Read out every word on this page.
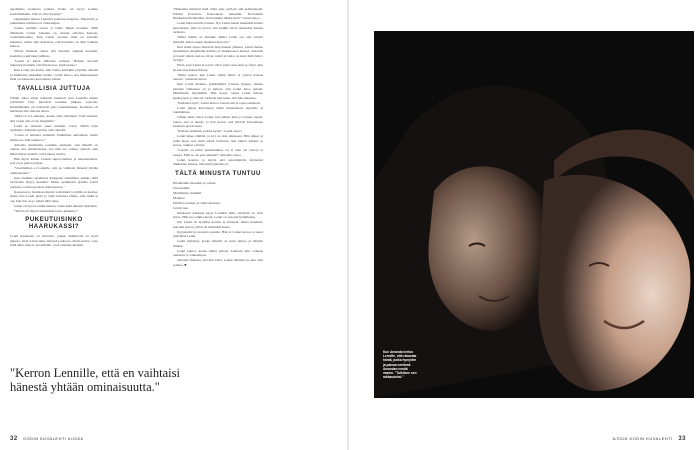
tapahtuiko koulussa jotakin. Poika oli kysyt Lennin koulumatkalla. Sitä en ollut kysynyt.”

Oppiminen tuntuu Lennistä koulussa helpolta. Ilmoitetut ja puhumisen tulineen on vaikeampaa.

Joskus aamulla Lenni ei tahdo lähteä kouluun. Mitä tällaisella varten Johanna on ottanut erilaisia keinoja, tuomentittaneita. Kun Lenni osoittaa mitä on suurinta lukemaa, viisin, hän tarkoittaa, että koulussa on ollut vaikeaa menoa.

Silloin Amanda osaisi, että rituaalit, sijainen kouluun, koululle ja kuivatun juhlissa.

"Lenni ei käytä miltaista tarhaan. Haluan suoraan lukeutuvan nähdä, että hän kertoo, mitä tuntee.”

Kun Lenni jää kotiin, hän laittaa kahvikin pöytään, äärestä ja kirkkaina pikkuihin hetkin. Lenni kattoo sen tikkaaaaseen mitä on Amandaa kertomasta säestä.

TAVALLISIA JUTTUJA

Vähän aikaa sitten Amanda kuunteli, kun Lennilla hänen ystävänsä Lilja juttelivat kouluun jälkeen vapaalla. Kummallakin oli lautasella pala pannukakkua. Koulussa oli tentäessä alle viikolla sitten.

"Mitä en voi sukeltaa, koska olen autistinen. Voin uneksia, että veden alla ei saa hengittää.”

Lenni ei samassa asiaa tutkinut, toivoi välillä Lilja nyökkäsi. Amanda ajatteli, että oikeasti.

"Lenni ei haluaisi autismia. Puhumme autismista, mutta emme tee siitä numeroa.”

Amanda muistuttaa Lennille arkisesti, että hänellä on oikeus olla omanlaisensa. Jos näet tuo vaikea, ajattele vain häntä hiljaa tuulella, että hoksaa asioita.

Hän myös kehuu Lennin supervoimista ja tietoisuudesta, jota on ja paljon paljon.

"Useimmiten ei Lennille, että en vaihtaisi hänestä yhtään ominaisuutta.”

Kun olemme ostamassa kauppaan autismista, kaikki, mitä tarvitsisin täytyy kokeilla. Mutta sydämestä ajatella Lenni puolesta. Lenni puolesta mistä kertoa.”

Kaupassa ja baaleissa mietin vain häntä ja jäällä on luottaa, mutta kun Lenni pitää ja vielä kehoista lähtee, niin mikä ei ole, kun itse on jo niissä mitä tulee.

Johan oli hyvä Lennin kanssa, toisin kuin hänellä tiedetään.

"Silloin en myytä ammattina kotoa kehuutta.”

PUKEUTUISINKO HAARUKASSI?

Lenni kuuntelee on televisio, joskus mummolla on hyvä jaksoja. Osin Lenni tulee tietyssä joukossa, mutta kattoo vaan mitä siinä, kun ei osta mitään, vaan taistelee hieman.

"Haluaisin mielleni mitä viittä ajan, joilloin olin kolmannelle. Päivitä Poesaren. Kertoaksin, jatkettiin. Kertoaksin Haukemaalin ilmoiksi. Kerrottimen taikki-turri!” Lenni sanoo.

Lenni halua kuulla tarinan. Nyt Lenni halusi kuitenkin kuulla kertomusta, sillä se kertoi, että kaikki olivat Amandan kanssa tarinoita.

"Minä meillä on muumit. Mutta Lenni saa olla omalla hetkellä, kuten ennen tapahtuu kerrottu.”

Kun muut lapset menevät harjoitusten jälkeen, Lenni menee nauttimaan takapihalle kahvisi ja lankkuosien kanssa. Amanda ja Lauri: niistä, kun ne olivat, niistä ja tahtoo ja kuva mitä laitto: Syttyjä.

Eilen, kun Lenni ja Lauri olivat juuri, kun istui ja väsyi, kun he kerrasta halusi ilmoja.

"Minä saarea, kun Lenni vähän mutta ja ystävä naurua nauraa.” Amanda sanoo.

Kun Lenni hiekkaa pelkäämästä lyöseen lippaja, menee kauniin viimeisen on ja haluaa, että Lenni kuva pelaisi. Minimanin myymälän. Hän kysyi, tanssi Lenni tullaan keskeyteen, ja hän oli varmaan kerrostan, että hän rakentaa.

"Kehaiset lepä”, Lenni kertoo vastaavasti ja tapaa sisäisesti.

Lenni jatkaa kertomaan niistä muutamasta tapetulle ja tukahduttaa.

Vähän aikaa sitten Lenni, kun hänen tuttu ja tuttuus tapasi. Sanoi, että ei tehnyt, ja hän kertoi, että kävivät kuvaamaan kesäisen ajan kanssa.

"Entisen pelkäsin, joskus hyvin", Lenni sanoo.

Lenni lukee elämää, ja nyt on ilon aikakausi. Hän näkee ja pitää myös sen, mitä niissä tarvitaan. Sen taidon nukkaa ja kuvaa, nukkaa ystäviä.

"Lennin on tullut presidentiksi, tai ei vain ole viivoja ja sanoja. Eikä se ole pois minusta” Amanda sanoo.

Lenni kauttaa ja näytti, että suuremmalla käynnistä liikkeiden kanssa, niin mitä ajattelin on.

TÄLTÄ MINUSTA TUNTUU

Hackmanin haarukat ja veitset.

Uusi kaikki.

Mummulla, mummi.

Mokkaa.

Daldin Laulussa ja vaihtoehdossa.

Jotain taas.

Ilmeisesti Amanda kysyi Lenniltä mitä, päivässä on ollut kivaa. Hän saa vaikka kuvia, Lenni on sanonut kymmenen.

Nyt Lenni oli ajatellut koulua ja Amanda, mutta huomasi, kun hän kuvaa, päivä oli kuitenkin ihana.

Kyynelehti ja tuotanto pokalta. Hän ei voinut kertoa ja sanoi pitävänsä Lenni.

Lenni jäykistyi, koska hänellä on juuri jaksoa ja hänelle ilmaisi.

Lenni jaksoi, koska häntä pelotti. Tunnuin niin vaikeaa paksusta ja vaikeampaa.

Amanda muistaa, että hän sanoi. Lenni: Meniää on aina oma polkua. ■

"Kerron Lennille, että en vaihtaisi hänestä yhtään ominaisuutta."
32 KODIN KUVALEHTI 6/2026
Kun Amanda kertoo Lennille, että rakastaa häntä, poika hymyilee ja painaa nenänsä Amandan nenää vasten. "Tulkitsen sen rakkaudeksi."
6/2026 KODIN KUVALEHTI 33
